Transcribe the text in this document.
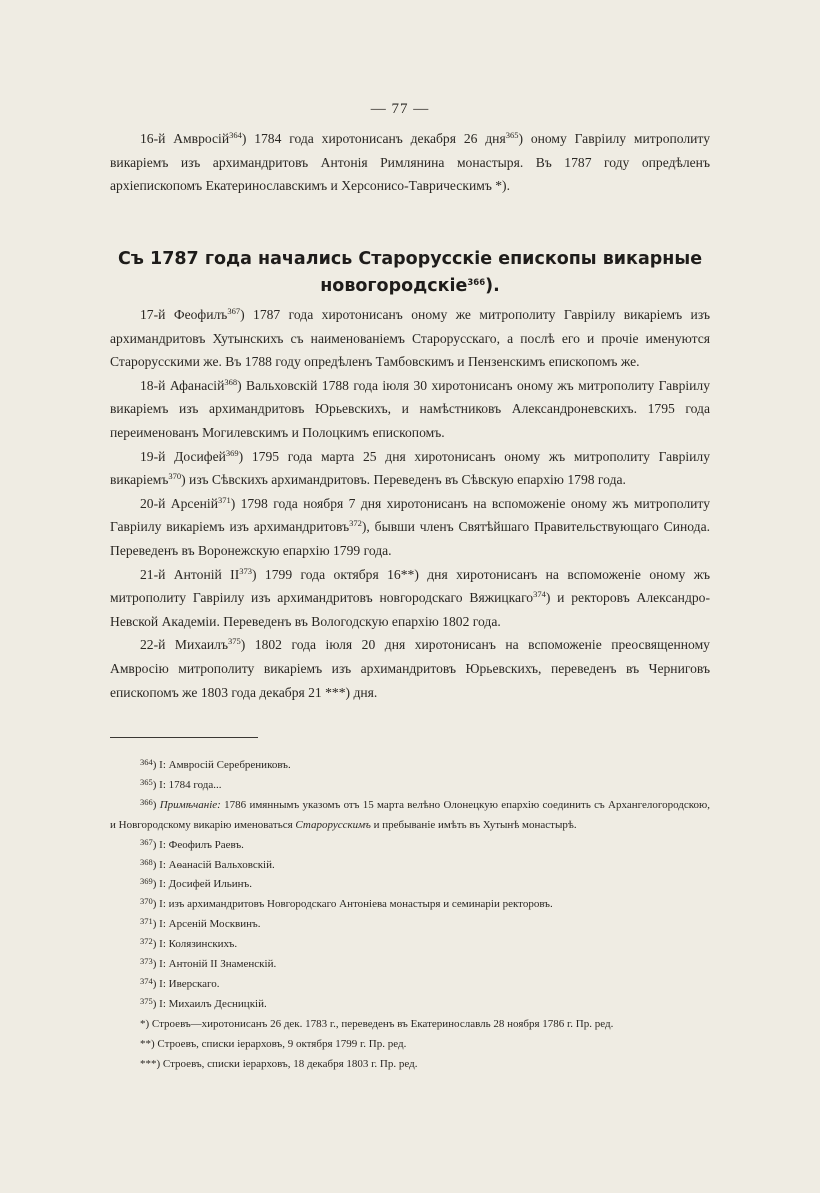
— 77 —

16-й Амвросій$^{364}$) 1784 года хиротонисанъ декабря 26 дня$^{365}$) оному Гаврiилу митрополиту викарiемъ изъ архимандритовъ Антонія Римлянина монастыря. Въ 1787 году опредѣленъ архіепископомъ Екатеринославскимъ и Херсонисо-Таврическимъ *).

Съ 1787 года начались Старорусскіе епископы викарные новогородскіе$^{366}$).

17-й Феофилъ$^{367}$) 1787 года хиротонисанъ оному же митрополиту Гаврiилу викарiемъ изъ архимандритовъ Хутынскихъ съ наименованiемъ Старорусскаго, а послѣ его и прочiе именуются Старорусскими же. Въ 1788 году опредѣленъ Тамбовскимъ и Пензенскимъ епископомъ же.

18-й Афанасій$^{368}$) Вальховскій 1788 года iюля 30 хиротонисанъ оному жъ митрополиту Гаврiилу викарiемъ изъ архимандритовъ Юрьевскихъ, и намѣстниковъ Александроневскихъ. 1795 года переименованъ Могилевскимъ и Полоцкимъ епископомъ.

19-й Досифей$^{369}$) 1795 года марта 25 дня хиротонисанъ оному жъ митрополиту Гаврiилу викарiемъ$^{370}$) изъ Сѣвскихъ архимандритовъ. Переведенъ въ Сѣвскую епархiю 1798 года.

20-й Арсеній$^{371}$) 1798 года ноября 7 дня хиротонисанъ на вспоможенiе оному жъ митрополиту Гаврiилу викарiемъ изъ архимандритовъ$^{372}$), бывши членъ Святѣйшаго Правительствующаго Синода. Переведенъ въ Воронежскую епархiю 1799 года.

21-й Антоній II$^{373}$) 1799 года октября 16**) дня хиротонисанъ на вспоможенiе оному жъ митрополиту Гаврiилу изъ архимандритовъ новгородскаго Вяжицкаго$^{374}$) и ректоровъ Александро-Невской Академiи. Переведенъ въ Вологодскую епархiю 1802 года.

22-й Михаилъ$^{375}$) 1802 года iюля 20 дня хиротонисанъ на вспоможенiе преосвященному Амвросiю митрополиту викарiемъ изъ архимандритовъ Юрьевскихъ, переведенъ въ Черниговъ епископомъ же 1803 года декабря 21 ***) дня.

$^{364}$) I: Амвросій Серебрениковъ.

$^{365}$) I: 1784 года...

$^{366}$) Примѣчанiе: 1786 имяннымъ указомъ отъ 15 марта велѣно Олонецкую епархiю соединить съ Архангелогородскою, и Новгородскому викарiю именоваться Старорусскимъ и пребыванiе имѣть въ Хутынѣ монастырѣ.

$^{367}$) I: Феофилъ Раевъ.

$^{368}$) I: Аѳанасій Вальховскій.

$^{369}$) I: Досифей Ильинъ.

$^{370}$) I: изъ архимандритовъ Новгородскаго Антонiева монастыря и семинарiи ректоровъ.

$^{371}$) I: Арсеній Москвинъ.

$^{372}$) I: Колязинскихъ.

$^{373}$) I: Антоній II Знаменскій.

$^{374}$) I: Иверскаго.

$^{375}$) I: Михаилъ Десницкій.

*) Строевъ—хиротонисанъ 26 дек. 1783 г., переведенъ въ Екатеринославль 28 ноября 1786 г. Пр. ред.

**) Строевъ, списки iерарховъ, 9 октября 1799 г. Пр. ред.

***) Строевъ, списки iерарховъ, 18 декабря 1803 г. Пр. ред.
